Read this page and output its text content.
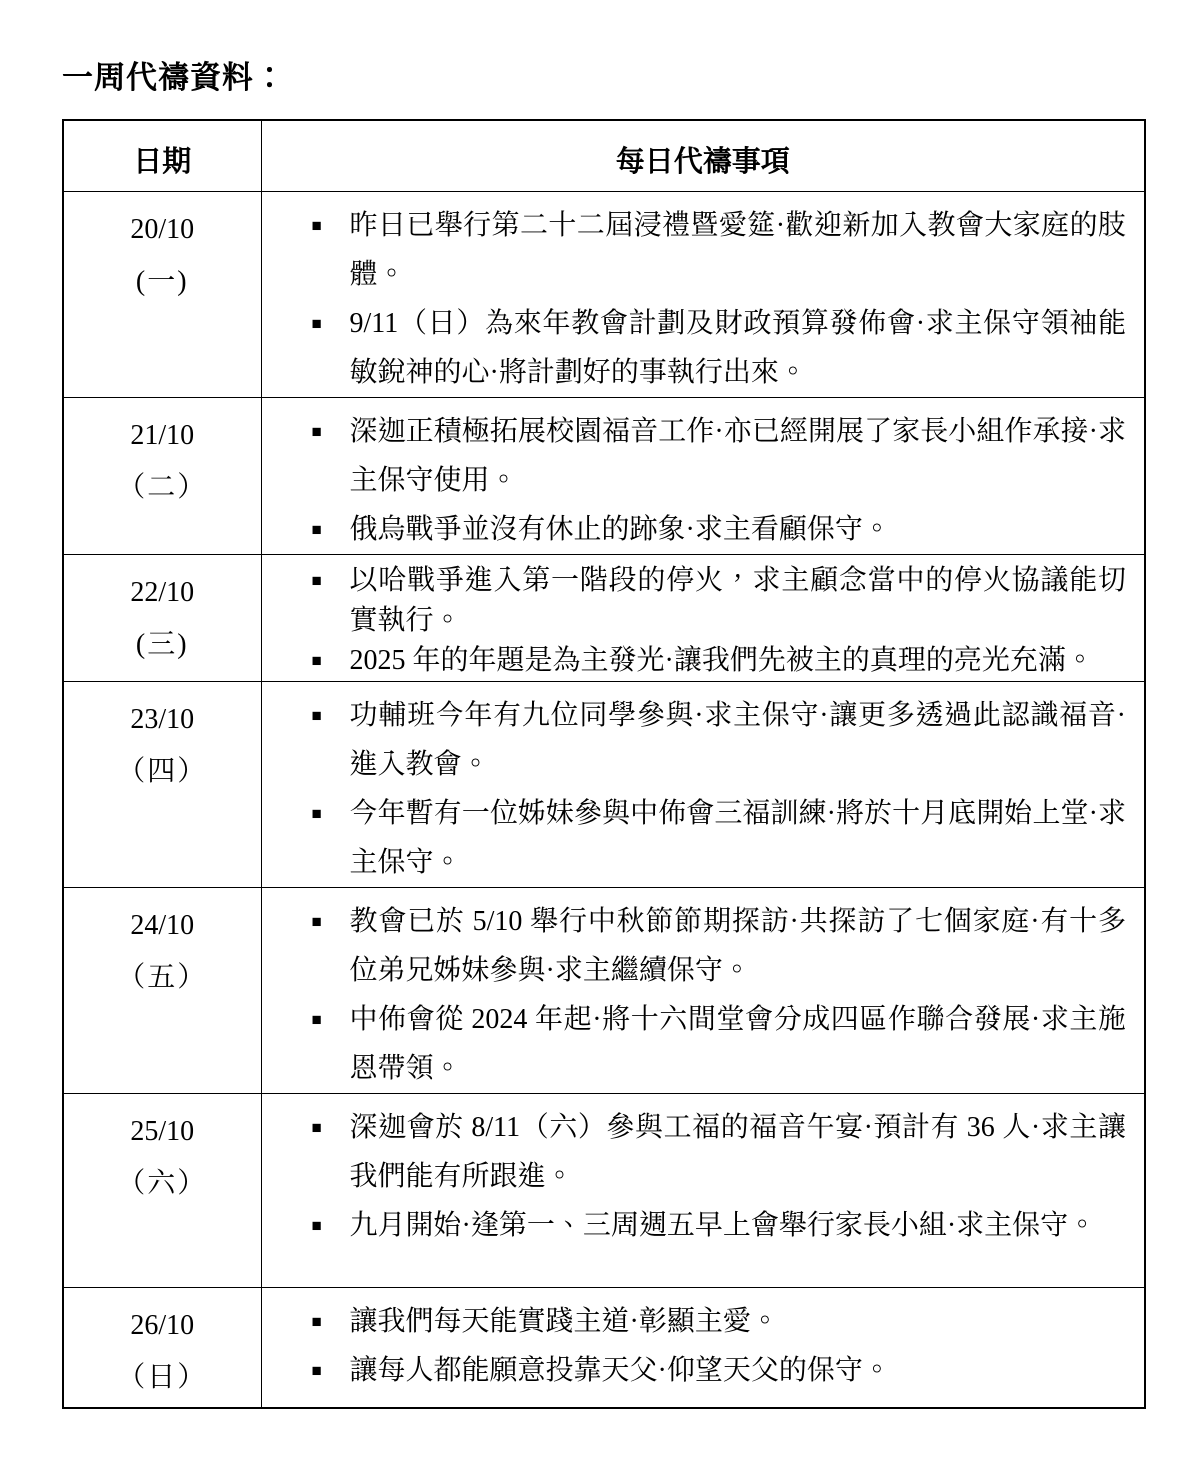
一周代禱資料：
日期	每日代禱事項

20/10
(一)

■ 昨日已舉行第二十二屆浸禮暨愛筵·歡迎新加入教會大家庭的肢體。
■ 9/11（日）為來年教會計劃及財政預算發佈會·求主保守領袖能敏銳神的心·將計劃好的事執行出來。

21/10
（二）

■ 深迦正積極拓展校園福音工作·亦已經開展了家長小組作承接·求主保守使用。
■ 俄烏戰爭並沒有休止的跡象·求主看顧保守。

22/10
(三)

■ 以哈戰爭進入第一階段的停火，求主顧念當中的停火協議能切實執行。
■ 2025 年的年題是為主發光·讓我們先被主的真理的亮光充滿。

23/10
（四）

■ 功輔班今年有九位同學參與·求主保守·讓更多透過此認識福音·進入教會。
■ 今年暫有一位姊妹參與中佈會三福訓練·將於十月底開始上堂·求主保守。

24/10
（五）

■ 教會已於 5/10 舉行中秋節節期探訪·共探訪了七個家庭·有十多位弟兄姊妹參與·求主繼續保守。
■ 中佈會從 2024 年起·將十六間堂會分成四區作聯合發展·求主施恩帶領。

25/10
（六）

■ 深迦會於 8/11（六）參與工福的福音午宴·預計有 36 人·求主讓我們能有所跟進。
■ 九月開始·逢第一、三周週五早上會舉行家長小組·求主保守。

26/10
（日）

■ 讓我們每天能實踐主道·彰顯主愛。
■ 讓每人都能願意投靠天父·仰望天父的保守。
